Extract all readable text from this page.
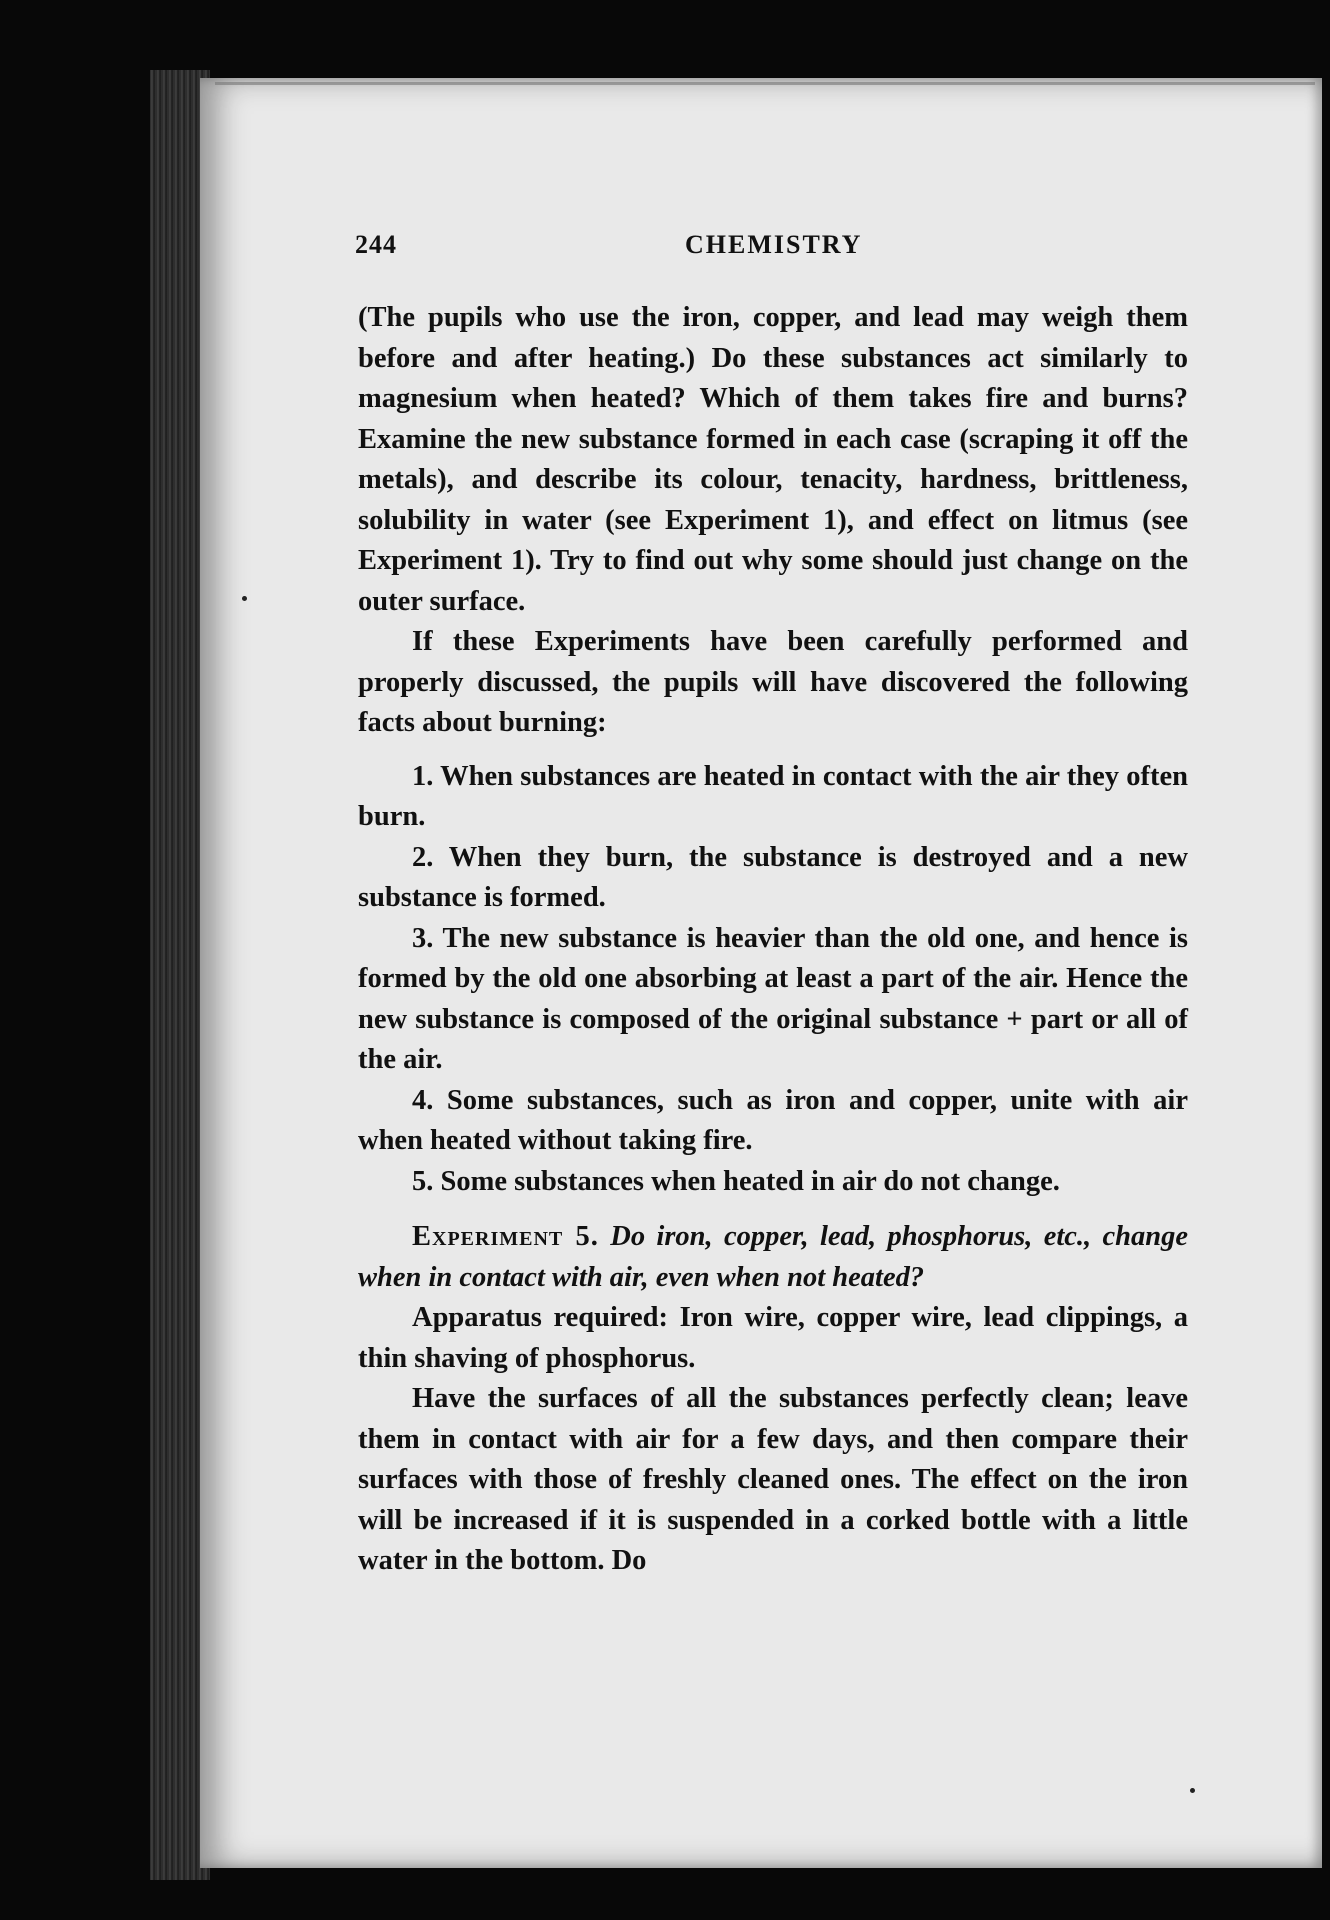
244	CHEMISTRY

(The pupils who use the iron, copper, and lead may weigh them before and after heating.) Do these substances act similarly to magnesium when heated? Which of them takes fire and burns? Examine the new substance formed in each case (scraping it off the metals), and describe its colour, tenacity, hardness, brittleness, solubility in water (see Experiment 1), and effect on litmus (see Experiment 1). Try to find out why some should just change on the outer surface.

If these Experiments have been carefully performed and properly discussed, the pupils will have discovered the following facts about burning:

1. When substances are heated in contact with the air they often burn.

2. When they burn, the substance is destroyed and a new substance is formed.

3. The new substance is heavier than the old one, and hence is formed by the old one absorbing at least a part of the air. Hence the new substance is composed of the original substance + part or all of the air.

4. Some substances, such as iron and copper, unite with air when heated without taking fire.

5. Some substances when heated in air do not change.

Experiment 5. Do iron, copper, lead, phosphorus, etc., change when in contact with air, even when not heated?

Apparatus required: Iron wire, copper wire, lead clippings, a thin shaving of phosphorus.

Have the surfaces of all the substances perfectly clean; leave them in contact with air for a few days, and then compare their surfaces with those of freshly cleaned ones. The effect on the iron will be increased if it is suspended in a corked bottle with a little water in the bottom. Do
